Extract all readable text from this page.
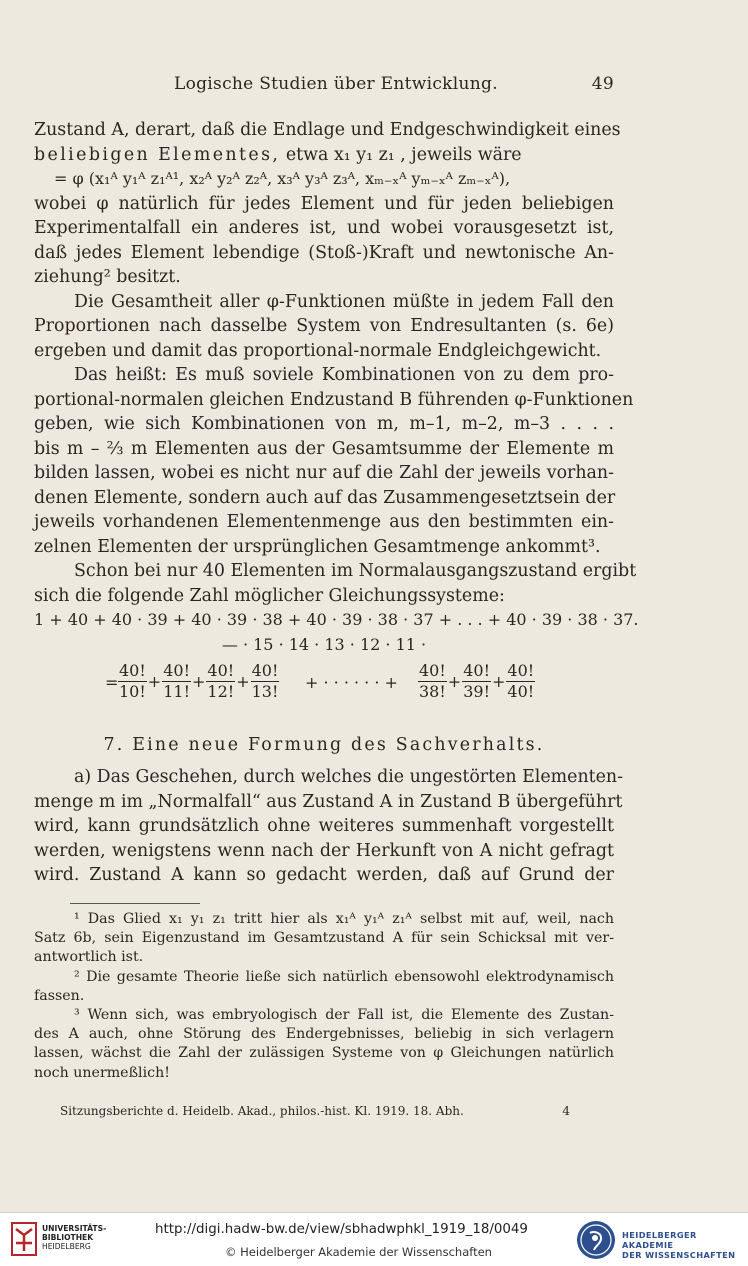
Logische Studien über Entwicklung.	49
Zustand A, derart, daß die Endlage und Endgeschwindigkeit eines
beliebigen Elementes, etwa x₁ y₁ z₁ , jeweils wäre
= φ (x₁ᴬ y₁ᴬ z₁ᴬ¹, x₂ᴬ y₂ᴬ z₂ᴬ, x₃ᴬ y₃ᴬ z₃ᴬ, xₘ₋ₓᴬ yₘ₋ₓᴬ zₘ₋ₓᴬ),
wobei φ natürlich für jedes Element und für jeden beliebigen
Experimentalfall ein anderes ist, und wobei vorausgesetzt ist,
daß jedes Element lebendige (Stoß-)Kraft und newtonische An-
ziehung² besitzt.
Die Gesamtheit aller φ-Funktionen müßte in jedem Fall den
Proportionen nach dasselbe System von Endresultanten (s. 6e)
ergeben und damit das proportional-normale Endgleichgewicht.
Das heißt: Es muß soviele Kombinationen von zu dem pro-
portional-normalen gleichen Endzustand B führenden φ-Funktionen
geben, wie sich Kombinationen von m, m–1, m–2, m–3 . . . .
bis m – ⅔ m Elementen aus der Gesamtsumme der Elemente m
bilden lassen, wobei es nicht nur auf die Zahl der jeweils vorhan-
denen Elemente, sondern auch auf das Zusammengesetztsein der
jeweils vorhandenen Elementenmenge aus den bestimmten ein-
zelnen Elementen der ursprünglichen Gesamtmenge ankommt³.
Schon bei nur 40 Elementen im Normalausgangszustand ergibt
sich die folgende Zahl möglicher Gleichungssysteme:
1 + 40 + 40 · 39 + 40 · 39 · 38 + 40 · 39 · 38 · 37 + . . . + 40 · 39 · 38 · 37.
— · 15 · 14 · 13 · 12 · 11 ·
= $\frac{40!}{10!} + \frac{40!}{11!} + \frac{40!}{12!} + \frac{40!}{13!}$ + · · · · · · + $\frac{40!}{38!} + \frac{40!}{39!} + \frac{40!}{40!}$
7. Eine neue Formung des Sachverhalts.
a) Das Geschehen, durch welches die ungestörten Elementen-
menge m im „Normalfall“ aus Zustand A in Zustand B übergeführt
wird, kann grundsätzlich ohne weiteres summenhaft vorgestellt
werden, wenigstens wenn nach der Herkunft von A nicht gefragt
wird. Zustand A kann so gedacht werden, daß auf Grund der
¹ Das Glied x₁ y₁ z₁ tritt hier als x₁ᴬ y₁ᴬ z₁ᴬ selbst mit auf, weil, nach
Satz 6b, sein Eigenzustand im Gesamtzustand A für sein Schicksal mit ver-
antwortlich ist.
² Die gesamte Theorie ließe sich natürlich ebensowohl elektrodynamisch
fassen.
³ Wenn sich, was embryologisch der Fall ist, die Elemente des Zustan-
des A auch, ohne Störung des Endergebnisses, beliebig in sich verlagern
lassen, wächst die Zahl der zulässigen Systeme von φ Gleichungen natürlich
noch unermeßlich!
Sitzungsberichte d. Heidelb. Akad., philos.-hist. Kl. 1919. 18. Abh.	4
UNIVERSITÄTS-
BIBLIOTHEK
HEIDELBERG
http://digi.hadw-bw.de/view/sbhadwphkl_1919_18/0049
© Heidelberger Akademie der Wissenschaften
HEIDELBERGER AKADEMIE
DER WISSENSCHAFTEN
